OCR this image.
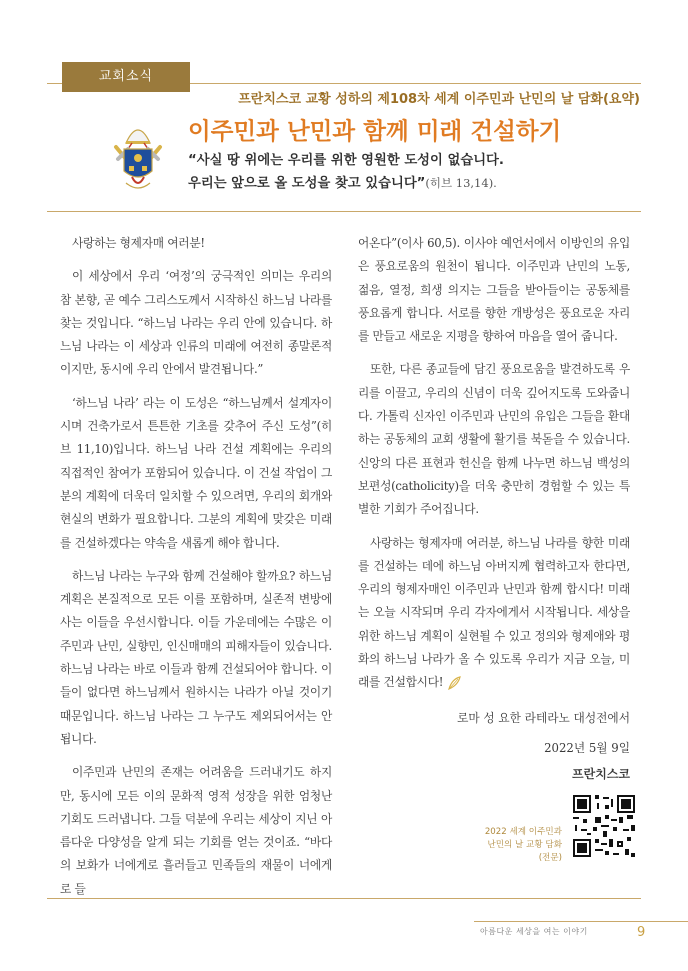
교회소식
프란치스코 교황 성하의 제108차 세계 이주민과 난민의 날 담화(요약)
이주민과 난민과 함께 미래 건설하기
“사실 땅 위에는 우리를 위한 영원한 도성이 없습니다.
우리는 앞으로 올 도성을 찾고 있습니다”(히브 13,14).

사랑하는 형제자매 여러분!

이 세상에서 우리 ‘여정’의 궁극적인 의미는 우리의 참 본향, 곧 예수 그리스도께서 시작하신 하느님 나라를 찾는 것입니다. “하느님 나라는 우리 안에 있습니다. 하느님 나라는 이 세상과 인류의 미래에 여전히 종말론적이지만, 동시에 우리 안에서 발견됩니다.”

‘하느님 나라’ 라는 이 도성은 “하느님께서 설계자이시며 건축가로서 튼튼한 기초를 갖추어 주신 도성”(히브 11,10)입니다. 하느님 나라 건설 계획에는 우리의 직접적인 참여가 포함되어 있습니다. 이 건설 작업이 그분의 계획에 더욱더 일치할 수 있으려면, 우리의 회개와 현실의 변화가 필요합니다. 그분의 계획에 맞갖은 미래를 건설하겠다는 약속을 새롭게 해야 합니다.

하느님 나라는 누구와 함께 건설해야 할까요? 하느님 계획은 본질적으로 모든 이를 포함하며, 실존적 변방에 사는 이들을 우선시합니다. 이들 가운데에는 수많은 이주민과 난민, 실향민, 인신매매의 피해자들이 있습니다. 하느님 나라는 바로 이들과 함께 건설되어야 합니다. 이들이 없다면 하느님께서 원하시는 나라가 아닐 것이기 때문입니다. 하느님 나라는 그 누구도 제외되어서는 안 됩니다.

이주민과 난민의 존재는 어려움을 드러내기도 하지만, 동시에 모든 이의 문화적 영적 성장을 위한 엄청난 기회도 드러냅니다. 그들 덕분에 우리는 세상이 지닌 아름다운 다양성을 알게 되는 기회를 얻는 것이죠. “바다의 보화가 너에게로 흘러들고 민족들의 재물이 너에게로 들

어온다”(이사 60,5). 이사야 예언서에서 이방인의 유입은 풍요로움의 원천이 됩니다. 이주민과 난민의 노동, 젊음, 열정, 희생 의지는 그들을 받아들이는 공동체를 풍요롭게 합니다. 서로를 향한 개방성은 풍요로운 자리를 만들고 새로운 지평을 향하여 마음을 열어 줍니다.

또한, 다른 종교들에 담긴 풍요로움을 발견하도록 우리를 이끌고, 우리의 신념이 더욱 깊어지도록 도와줍니다. 가톨릭 신자인 이주민과 난민의 유입은 그들을 환대하는 공동체의 교회 생활에 활기를 북돋을 수 있습니다. 신앙의 다른 표현과 헌신을 함께 나누면 하느님 백성의 보편성(catholicity)을 더욱 충만히 경험할 수 있는 특별한 기회가 주어집니다.

사랑하는 형제자매 여러분, 하느님 나라를 향한 미래를 건설하는 데에 하느님 아버지께 협력하고자 한다면, 우리의 형제자매인 이주민과 난민과 함께 합시다! 미래는 오늘 시작되며 우리 각자에게서 시작됩니다. 세상을 위한 하느님 계획이 실현될 수 있고 정의와 형제애와 평화의 하느님 나라가 올 수 있도록 우리가 지금 오늘, 미래를 건설합시다!

로마 성 요한 라테라노 대성전에서
2022년 5월 9일
프란치스코
2022 세계 이주민과
난민의 날 교황 담화
(전문)
아름다운 세상을 여는 이야기	9
